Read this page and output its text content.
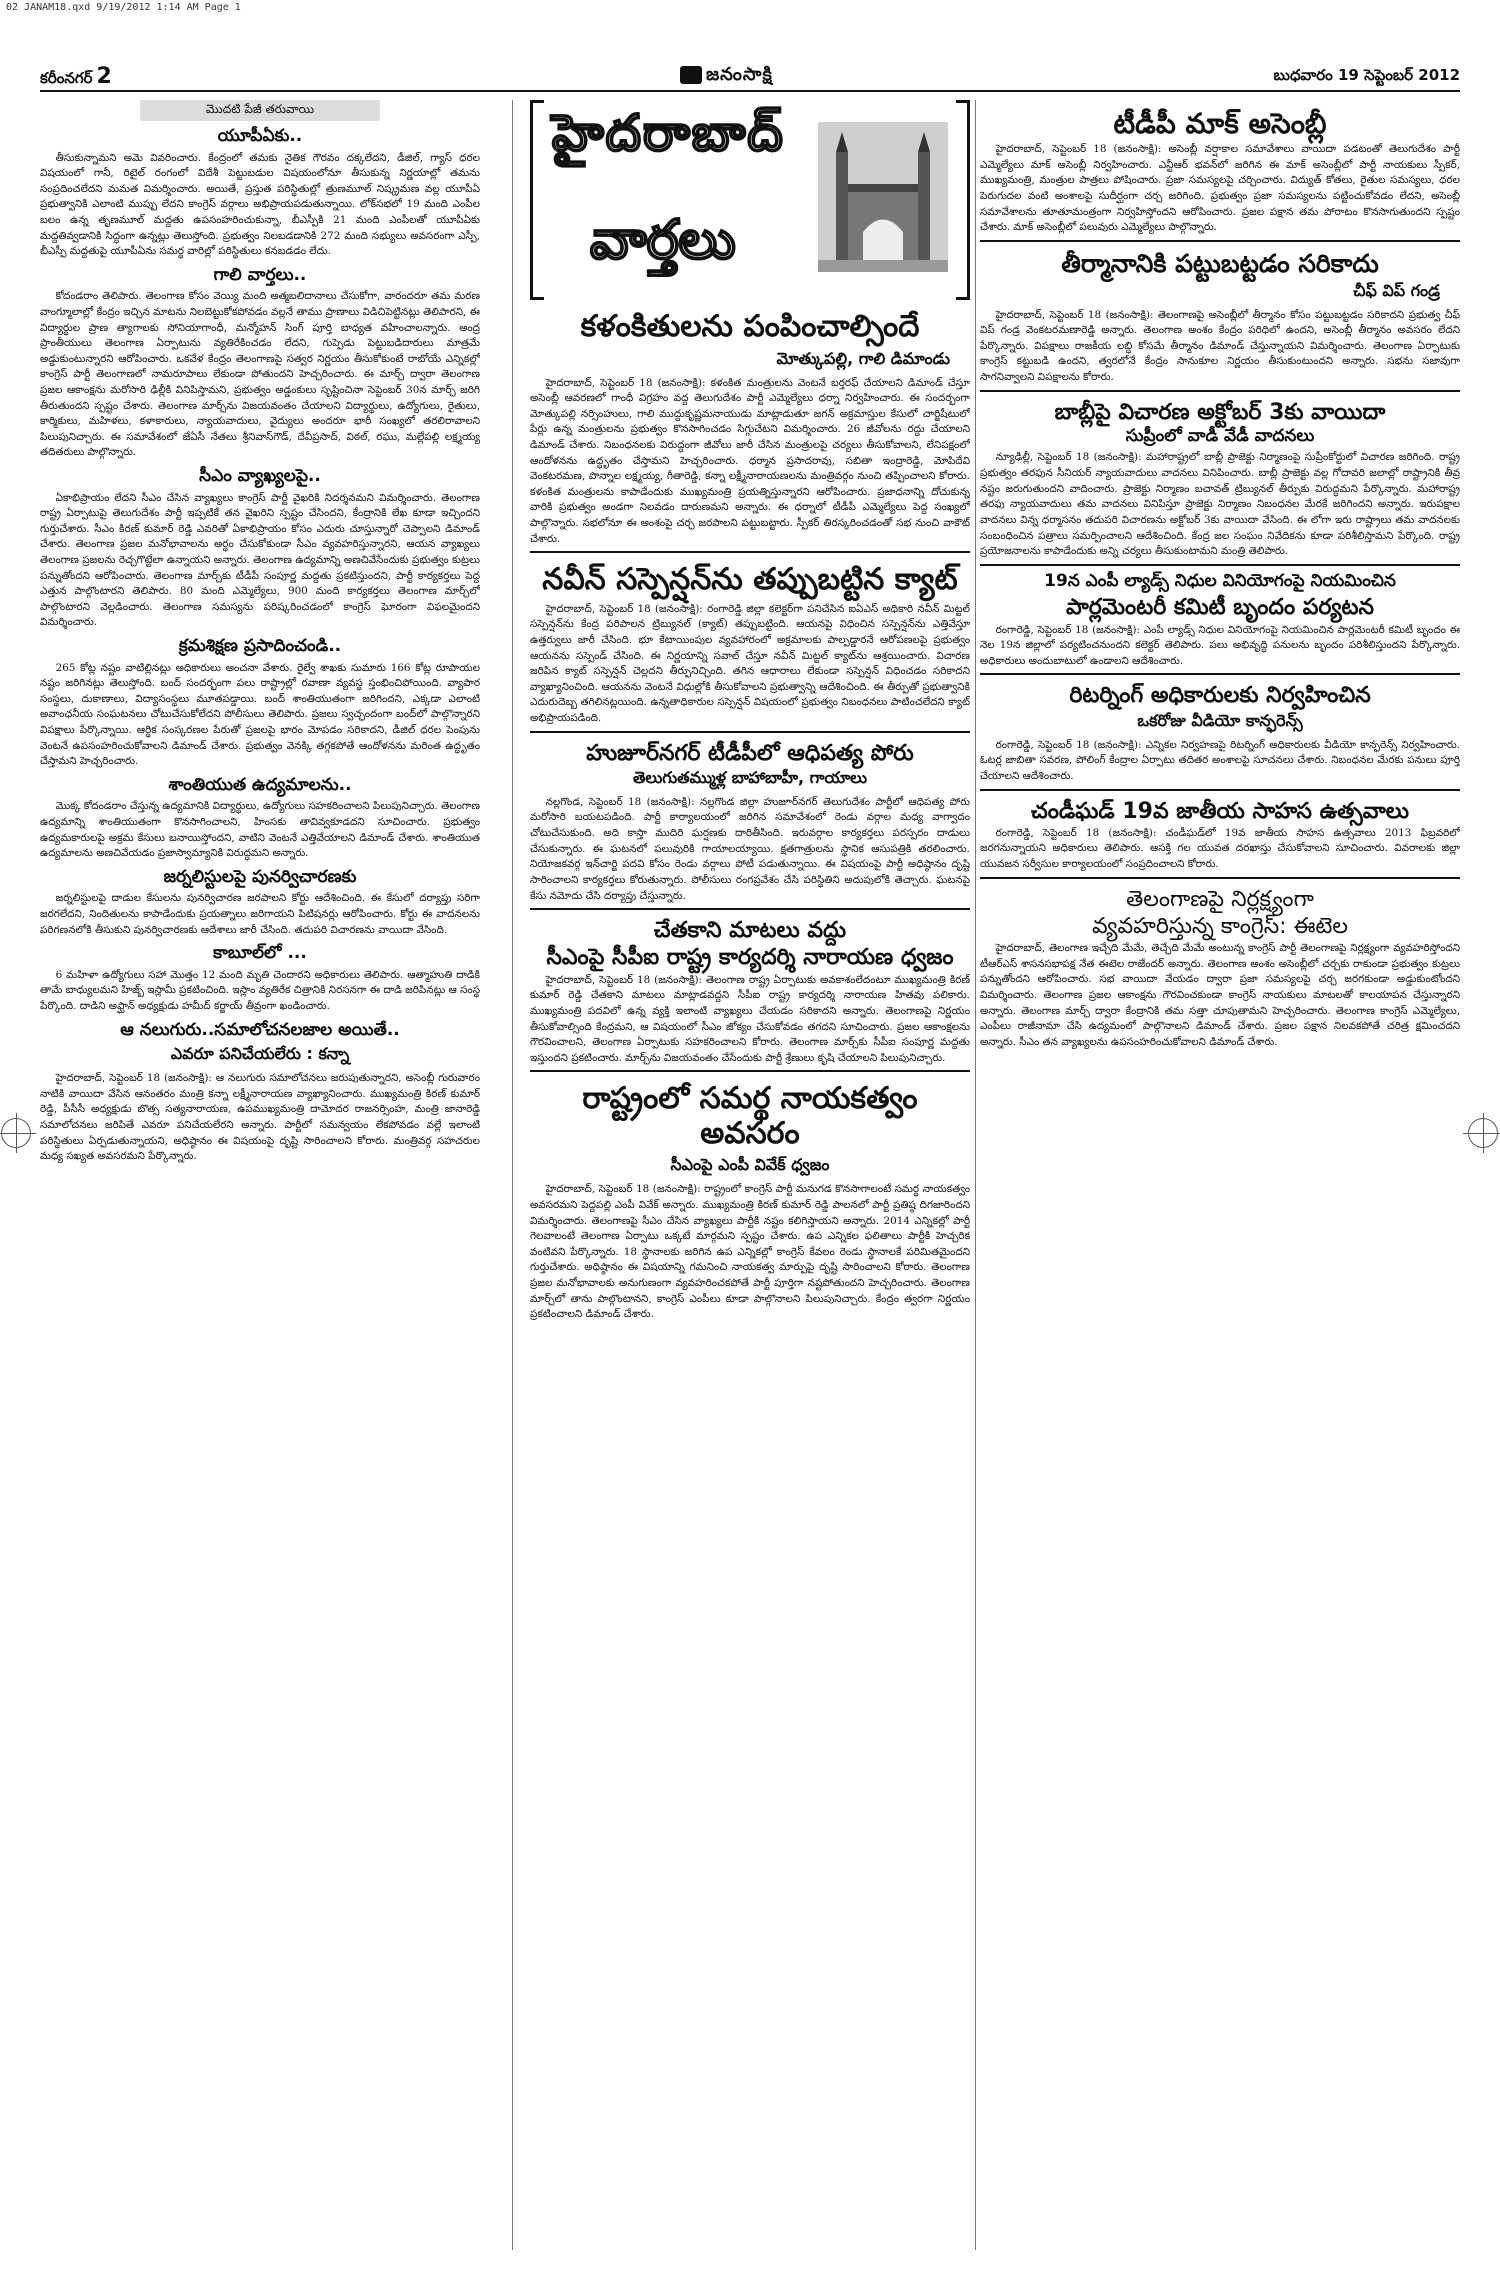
02 JANAM18.qxd 9/19/2012 1:14 AM Page 1
కరీంనగర్ 2	జనంసాక్షి	బుధవారం 19 సెప్టెంబర్ 2012
మొదటి పేజీ తరువాయి
యూపీఏకు..

తీసుకున్నామని అమె వివరించారు. కేంద్రంలో తమకు నైతిక గౌరవం దక్కలేదని, డీజిల్, గ్యాస్ ధరల విషయంలో గానీ, రిటైల్ రంగంలో విదేశీ పెట్టుబడుల విషయంలోనూ తీసుకున్న నిర్ణయాల్లో తమను సంప్రదించలేదని మమత విమర్శించారు. అయితే, ప్రస్తుత పరిస్థితుల్లో త్రుణమూల్‌ నిష్క్రమణ వల్ల యూపీఏ ప్రభుత్వానికి ఎలాంటి ముప్పు లేదని కాంగ్రెస్‌ వర్గాలు అభిప్రాయపడుతున్నాయి. లోక్‌సభలో 19 మంది ఎంపీల బలం ఉన్న తృణమూల్‌ మద్దతు ఉపసంహరించుకున్నా, బీఎస్పీకి 21 మంది ఎంపీలతో యూపీఏకు మద్దతివ్వడానికి సిద్ధంగా ఉన్నట్లు తెలుస్తోంది. ప్రభుత్వం నిలబడడానికి 272 మంది సభ్యులు అవసరంగా ఎస్పీ, బీఎస్పీ మద్దతుపై యూపీఏను సమర్థ వారిల్లో పరిస్థితులు కనబడడం లేదు.

గాలి వార్తలు..

కోదండరాం తెలిపారు. తెలంగాణ కోసం వెయ్యి మంది అత్మబలిదానాలు చేసుకోగా, వారందరూ తమ మరణ వాంగ్మూలాల్లో కేంద్రం ఇచ్చిన మాటను నిలబెట్టుకోకపోవడం వల్లనే తాము ప్రాణాలు విడిచిపెట్టినట్లు తెలిపారని, ఈ విద్యార్థుల ప్రాణ త్యాగాలకు సోనియాగాంధీ, మన్మోహన్‌ సింగ్‌ పూర్తి బాధ్యత వహించాలన్నారు. అంద్ర ప్రాంతీయులు తెలంగాణ ఏర్పాటును వ్యతిరేకించడం లేదని, గుప్పెడు పెట్టుబడిదారులు మాత్రమే అడ్డుకుంటున్నారని ఆరోపించారు. ఒకవేళ కేంద్రం తెలంగాణపై సత్వర నిర్ణయం తీసుకోకుంటే రాబోయే ఎన్నికల్లో కాంగ్రెస్‌ పార్టీ తెలంగాణలో నామరూపాలు లేకుండా పోతుందని హెచ్చరించారు. ఈ మార్చ్‌ ద్వారా తెలంగాణ ప్రజల ఆకాంక్షను మరోసారి ఢిల్లీకి వినిపిస్తామని, ప్రభుత్వం అడ్డంకులు సృష్టించినా సెప్టెంబర్‌ 30న మార్చ్‌ జరిగి తీరుతుందని స్పష్టం చేశారు. తెలంగాణ మార్చ్‌ను విజయవంతం చేయాలని విద్యార్థులు, ఉద్యోగులు, రైతులు, కార్మికులు, మహిళలు, కళాకారులు, న్యాయవాదులు, వైద్యులు అందరూ భారీ సంఖ్యలో తరలిరావాలని పిలుపునిచ్చారు. ఈ సమావేశంలో జేఏసీ నేతలు శ్రీనివాస్‌గౌడ్‌, దేవీప్రసాద్‌, విఠల్‌, రఘు, మల్లేపల్లి లక్ష్మయ్య తదితరులు పాల్గొన్నారు.

సీఎం వ్యాఖ్యలపై..

ఏకాభిప్రాయం లేదని సీఎం చేసిన వ్యాఖ్యలు కాంగ్రెస్‌ పార్టీ వైఖరికి నిదర్శనమని విమర్శించారు. తెలంగాణ రాష్ట్ర ఏర్పాటుపై తెలుగుదేశం పార్టీ ఇప్పటికే తన వైఖరిని స్పష్టం చేసిందని, కేంద్రానికి లేఖ కూడా ఇచ్చిందని గుర్తుచేశారు. సీఎం కిరణ్‌ కుమార్‌ రెడ్డి ఎవరితో ఏకాభిప్రాయం కోసం ఎదురు చూస్తున్నారో చెప్పాలని డిమాండ్‌ చేశారు. తెలంగాణ ప్రజల మనోభావాలను అర్థం చేసుకోకుండా సీఎం వ్యవహరిస్తున్నారని, ఆయన వ్యాఖ్యలు తెలంగాణ ప్రజలను రెచ్చగొట్టేలా ఉన్నాయని అన్నారు. తెలంగాణ ఉద్యమాన్ని అణచివేసేందుకు ప్రభుత్వం కుట్రలు పన్నుతోందని ఆరోపించారు. తెలంగాణ మార్చ్‌కు టీడీపీ సంపూర్ణ మద్దతు ప్రకటిస్తుందని, పార్టీ కార్యకర్తలు పెద్ద ఎత్తున పాల్గొంటారని తెలిపారు. 80 మంది ఎమ్మెల్యేలు, 900 మంది కార్యకర్తలు తెలంగాణ మార్చ్‌లో పాల్గొంటారని వెల్లడించారు. తెలంగాణ సమస్యను పరిష్కరించడంలో కాంగ్రెస్‌ ఘోరంగా విఫలమైందని విమర్శించారు.

క్రమశిక్షణ ప్రసాదించండి..

265 కోట్ల నష్టం వాటిల్లినట్లు అధికారులు అంచనా వేశారు. రైల్వే శాఖకు సుమారు 166 కోట్ల రూపాయల నష్టం జరిగినట్లు తెలుస్తోంది. బంద్‌ సందర్భంగా పలు రాష్ట్రాల్లో రవాణా వ్యవస్థ స్తంభించిపోయింది. వ్యాపార సంస్థలు, దుకాణాలు, విద్యాసంస్థలు మూతపడ్డాయి. బంద్‌ శాంతియుతంగా జరిగిందని, ఎక్కడా ఎలాంటి అవాంఛనీయ సంఘటనలు చోటుచేసుకోలేదని పోలీసులు తెలిపారు. ప్రజలు స్వచ్ఛందంగా బంద్‌లో పాల్గొన్నారని విపక్షాలు పేర్కొన్నాయి. ఆర్థిక సంస్కరణల పేరుతో ప్రజలపై భారం మోపడం సరికాదని, డీజిల్‌ ధరల పెంపును వెంటనే ఉపసంహరించుకోవాలని డిమాండ్‌ చేశారు. ప్రభుత్వం వెనక్కి తగ్గకపోతే ఆందోళనను మరింత ఉద్ధృతం చేస్తామని హెచ్చరించారు.

శాంతియుత ఉద్యమాలను..

మొక్క కోదండరాం చేస్తున్న ఉద్యమానికి విద్యార్థులు, ఉద్యోగులు సహకరించాలని పిలుపునిచ్చారు. తెలంగాణ ఉద్యమాన్ని శాంతియుతంగా కొనసాగించాలని, హింసకు తావివ్వకూడదని సూచించారు. ప్రభుత్వం ఉద్యమకారులపై అక్రమ కేసులు బనాయిస్తోందని, వాటిని వెంటనే ఎత్తివేయాలని డిమాండ్‌ చేశారు. శాంతియుత ఉద్యమాలను అణచివేయడం ప్రజాస్వామ్యానికి విరుద్ధమని అన్నారు.

జర్నలిస్టులపై పునర్విచారణకు

జర్నలిస్టులపై దాడుల కేసులను పునర్విచారణ జరపాలని కోర్టు ఆదేశించింది. ఈ కేసులో దర్యాప్తు సరిగా జరగలేదని, నిందితులను కాపాడేందుకు ప్రయత్నాలు జరిగాయని పిటిషనర్లు ఆరోపించారు. కోర్టు ఈ వాదనలను పరిగణనలోకి తీసుకుని పునర్విచారణకు ఆదేశాలు జారీ చేసింది. తదుపరి విచారణను వాయిదా వేసింది.

కాబూల్‌లో ...

6 మహిళా ఉద్యోగులు సహా మొత్తం 12 మంది మృతి చెందారని అధికారులు తెలిపారు. ఆత్మాహుతి దాడికి తామే బాధ్యులమని హిజ్బ్‌ ఇస్లామీ ప్రకటించింది. ఇస్లాం వ్యతిరేక చిత్రానికి నిరసనగా ఈ దాడి జరిపినట్లు ఆ సంస్థ పేర్కొంది. దాడిని అఫ్ఘాన్‌ అధ్యక్షుడు హమీద్‌ కర్జాయ్‌ తీవ్రంగా ఖండించారు.

ఆ నలుగురు..సమాలోచనలజాల అయితే..
ఎవరూ పనిచేయలేరు : కన్నా

హైదరాబాద్‌, సెప్టెంబర్‌ 18 (జనంసాక్షి): ఆ నలుగురు సమాలోచనలు జరుపుతున్నారని, అసెంబ్లీ గురువారం నాటికి వాయిదా వేసిన ఆనంతరం మంత్రి కన్నా లక్ష్మీనారాయణ వ్యాఖ్యానించారు. ముఖ్యమంత్రి కిరణ్‌ కుమార్‌ రెడ్డి, పీసీసీ అధ్యక్షుడు బొత్స సత్యనారాయణ, ఉపముఖ్యమంత్రి దామోదర రాజనర్సింహ, మంత్రి జానారెడ్డి సమాలోచనలు జరిపితే ఎవరూ పనిచేయలేరని అన్నారు. పార్టీలో సమన్వయం లేకపోవడం వల్లే ఇలాంటి పరిస్థితులు ఏర్పడుతున్నాయని, అధిష్ఠానం ఈ విషయంపై దృష్టి సారించాలని కోరారు. మంత్రివర్గ సహచరుల మధ్య సఖ్యత అవసరమని పేర్కొన్నారు.

హైదరాబాద్
వార్తలు
కళంకితులను పంపించాల్సిందే
మోత్కుపల్లి, గాలి డిమాండు

హైదరాబాద్‌, సెప్టెంబర్‌ 18 (జనంసాక్షి): కళంకిత మంత్రులను వెంటనే బర్తరఫ్‌ చేయాలని డిమాండ్‌ చేస్తూ అసెంబ్లీ ఆవరణలో గాంధీ విగ్రహం వద్ద తెలుగుదేశం పార్టీ ఎమ్మెల్యేలు ధర్నా నిర్వహించారు. ఈ సందర్భంగా మోత్కుపల్లి నర్సింహులు, గాలి ముద్దుకృష్ణమనాయుడు మాట్లాడుతూ జగన్‌ అక్రమాస్తుల కేసులో చార్జిషీటులో పేర్లు ఉన్న మంత్రులను ప్రభుత్వం కొనసాగించడం సిగ్గుచేటని విమర్శించారు. 26 జీవోలను రద్దు చేయాలని డిమాండ్‌ చేశారు. నిబంధనలకు విరుద్ధంగా జీవోలు జారీ చేసిన మంత్రులపై చర్యలు తీసుకోవాలని, లేనిపక్షంలో ఆందోళనను ఉద్ధృతం చేస్తామని హెచ్చరించారు. ధర్మాన ప్రసాదరావు, సబితా ఇంద్రారెడ్డి, మోపిదేవి వెంకటరమణ, పొన్నాల లక్ష్మయ్య, గీతారెడ్డి, కన్నా లక్ష్మీనారాయణలను మంత్రివర్గం నుంచి తప్పించాలని కోరారు. కళంకిత మంత్రులను కాపాడేందుకు ముఖ్యమంత్రి ప్రయత్నిస్తున్నారని ఆరోపించారు. ప్రజాధనాన్ని దోచుకున్న వారికి ప్రభుత్వం అండగా నిలవడం దారుణమని అన్నారు. ఈ ధర్నాలో టీడీపీ ఎమ్మెల్యేలు పెద్ద సంఖ్యలో పాల్గొన్నారు. సభలోనూ ఈ అంశంపై చర్చ జరపాలని పట్టుబట్టారు. స్పీకర్‌ తిరస్కరించడంతో సభ నుంచి వాకౌట్‌ చేశారు.

నవీన్‌ సస్పెన్షన్‌ను తప్పుబట్టిన క్యాట్‌

హైదరాబాద్‌, సెప్టెంబర్‌ 18 (జనంసాక్షి): రంగారెడ్డి జిల్లా కలెక్టర్‌గా పనిచేసిన ఐఏఎస్‌ అధికారి నవీన్‌ మిట్టల్‌ సస్పెన్షన్‌ను కేంద్ర పరిపాలన ట్రిబ్యునల్‌ (క్యాట్‌) తప్పుబట్టింది. ఆయనపై విధించిన సస్పెన్షన్‌ను ఎత్తివేస్తూ ఉత్తర్వులు జారీ చేసింది. భూ కేటాయింపుల వ్యవహారంలో అక్రమాలకు పాల్పడ్డారనే ఆరోపణలపై ప్రభుత్వం ఆయనను సస్పెండ్‌ చేసింది. ఈ నిర్ణయాన్ని సవాల్‌ చేస్తూ నవీన్‌ మిట్టల్‌ క్యాట్‌ను ఆశ్రయించారు. విచారణ జరిపిన క్యాట్‌ సస్పెన్షన్‌ చెల్లదని తీర్పునిచ్చింది. తగిన ఆధారాలు లేకుండా సస్పెన్షన్‌ విధించడం సరికాదని వ్యాఖ్యానించింది. ఆయనను వెంటనే విధుల్లోకి తీసుకోవాలని ప్రభుత్వాన్ని ఆదేశించింది. ఈ తీర్పుతో ప్రభుత్వానికి ఎదురుదెబ్బ తగిలినట్లయింది. ఉన్నతాధికారుల సస్పెన్షన్‌ విషయంలో ప్రభుత్వం నిబంధనలు పాటించలేదని క్యాట్‌ అభిప్రాయపడింది.

హుజూర్‌నగర్‌ టీడీపీలో ఆధిపత్య పోరు
తెలుగుతమ్ముళ్ల బాహాబాహీ, గాయాలు

నల్లగొండ, సెప్టెంబర్‌ 18 (జనంసాక్షి): నల్లగొండ జిల్లా హుజూర్‌నగర్‌ తెలుగుదేశం పార్టీలో ఆధిపత్య పోరు మరోసారి బయటపడింది. పార్టీ కార్యాలయంలో జరిగిన సమావేశంలో రెండు వర్గాల మధ్య వాగ్వాదం చోటుచేసుకుంది. అది కాస్తా ముదిరి ఘర్షణకు దారితీసింది. ఇరువర్గాల కార్యకర్తలు పరస్పరం దాడులు చేసుకున్నారు. ఈ ఘటనలో పలువురికి గాయాలయ్యాయి. క్షతగాత్రులను స్థానిక ఆసుపత్రికి తరలించారు. నియోజకవర్గ ఇన్‌చార్జి పదవి కోసం రెండు వర్గాలు పోటీ పడుతున్నాయి. ఈ విషయంపై పార్టీ అధిష్ఠానం దృష్టి సారించాలని కార్యకర్తలు కోరుతున్నారు. పోలీసులు రంగప్రవేశం చేసి పరిస్థితిని అదుపులోకి తెచ్చారు. ఘటనపై కేసు నమోదు చేసి దర్యాప్తు చేస్తున్నారు.

చేతకాని మాటలు వద్దు
సీఎంపై సీపీఐ రాష్ట్ర కార్యదర్శి నారాయణ ధ్వజం

హైదరాబాద్‌, సెప్టెంబర్‌ 18 (జనంసాక్షి): తెలంగాణ రాష్ట్ర ఏర్పాటుకు అవకాశంలేదంటూ ముఖ్యమంత్రి కిరణ్‌ కుమార్‌ రెడ్డి చేతకాని మాటలు మాట్లాడవద్దని సీపీఐ రాష్ట్ర కార్యదర్శి నారాయణ హితవు పలికారు. ముఖ్యమంత్రి పదవిలో ఉన్న వ్యక్తి ఇలాంటి వ్యాఖ్యలు చేయడం సరికాదని అన్నారు. తెలంగాణపై నిర్ణయం తీసుకోవాల్సింది కేంద్రమని, ఆ విషయంలో సీఎం జోక్యం చేసుకోవడం తగదని సూచించారు. ప్రజల ఆకాంక్షలను గౌరవించాలని, తెలంగాణ ఏర్పాటుకు సహకరించాలని కోరారు. తెలంగాణ మార్చ్‌కు సీపీఐ సంపూర్ణ మద్దతు ఇస్తుందని ప్రకటించారు. మార్చ్‌ను విజయవంతం చేసేందుకు పార్టీ శ్రేణులు కృషి చేయాలని పిలుపునిచ్చారు.

రాష్ట్రంలో సమర్థ నాయకత్వం అవసరం
సీఎంపై ఎంపీ వివేక్‌ ధ్వజం

హైదరాబాద్‌, సెప్టెంబర్‌ 18 (జనంసాక్షి): రాష్ట్రంలో కాంగ్రెస్‌ పార్టీ మనుగడ కొనసాగాలంటే సమర్థ నాయకత్వం అవసరమని పెద్దపల్లి ఎంపీ వివేక్‌ అన్నారు. ముఖ్యమంత్రి కిరణ్‌ కుమార్‌ రెడ్డి పాలనలో పార్టీ ప్రతిష్ఠ దిగజారిందని విమర్శించారు. తెలంగాణపై సీఎం చేసిన వ్యాఖ్యలు పార్టీకి నష్టం కలిగిస్తాయని అన్నారు. 2014 ఎన్నికల్లో పార్టీ గెలవాలంటే తెలంగాణ ఏర్పాటు ఒక్కటే మార్గమని స్పష్టం చేశారు. ఉప ఎన్నికల ఫలితాలు పార్టీకి హెచ్చరిక వంటివని పేర్కొన్నారు. 18 స్థానాలకు జరిగిన ఉప ఎన్నికల్లో కాంగ్రెస్‌ కేవలం రెండు స్థానాలకే పరిమితమైందని గుర్తుచేశారు. అధిష్ఠానం ఈ విషయాన్ని గమనించి నాయకత్వ మార్పుపై దృష్టి సారించాలని కోరారు. తెలంగాణ ప్రజల మనోభావాలకు అనుగుణంగా వ్యవహరించకపోతే పార్టీ పూర్తిగా నష్టపోతుందని హెచ్చరించారు. తెలంగాణ మార్చ్‌లో తాను పాల్గొంటానని, కాంగ్రెస్‌ ఎంపీలు కూడా పాల్గొనాలని పిలుపునిచ్చారు. కేంద్రం త్వరగా నిర్ణయం ప్రకటించాలని డిమాండ్‌ చేశారు.

టీడీపీ మాక్‌ అసెంబ్లీ

హైదరాబాద్‌, సెప్టెంబర్‌ 18 (జనంసాక్షి): అసెంబ్లీ వర్షాకాల సమావేశాలు వాయిదా పడటంతో తెలుగుదేశం పార్టీ ఎమ్మెల్యేలు మాక్‌ అసెంబ్లీ నిర్వహించారు. ఎన్టీఆర్‌ భవన్‌లో జరిగిన ఈ మాక్‌ అసెంబ్లీలో పార్టీ నాయకులు స్పీకర్‌, ముఖ్యమంత్రి, మంత్రుల పాత్రలు పోషించారు. ప్రజా సమస్యలపై చర్చించారు. విద్యుత్‌ కోతలు, రైతుల సమస్యలు, ధరల పెరుగుదల వంటి అంశాలపై సుదీర్ఘంగా చర్చ జరిగింది. ప్రభుత్వం ప్రజా సమస్యలను పట్టించుకోవడం లేదని, అసెంబ్లీ సమావేశాలను తూతూమంత్రంగా నిర్వహిస్తోందని ఆరోపించారు. ప్రజల పక్షాన తమ పోరాటం కొనసాగుతుందని స్పష్టం చేశారు. మాక్‌ అసెంబ్లీలో పలువురు ఎమ్మెల్యేలు పాల్గొన్నారు.

తీర్మానానికి పట్టుబట్టడం సరికాదు
చీఫ్‌ విప్‌ గండ్ర

హైదరాబాద్‌, సెప్టెంబర్‌ 18 (జనంసాక్షి): తెలంగాణపై అసెంబ్లీలో తీర్మానం కోసం పట్టుబట్టడం సరికాదని ప్రభుత్వ చీఫ్‌ విప్‌ గండ్ర వెంకటరమణారెడ్డి అన్నారు. తెలంగాణ అంశం కేంద్రం పరిధిలో ఉందని, అసెంబ్లీ తీర్మానం అవసరం లేదని పేర్కొన్నారు. విపక్షాలు రాజకీయ లబ్ధి కోసమే తీర్మానం డిమాండ్‌ చేస్తున్నాయని విమర్శించారు. తెలంగాణ ఏర్పాటుకు కాంగ్రెస్‌ కట్టుబడి ఉందని, త్వరలోనే కేంద్రం సానుకూల నిర్ణయం తీసుకుంటుందని అన్నారు. సభను సజావుగా సాగనివ్వాలని విపక్షాలను కోరారు.

బాబ్లీపై విచారణ అక్టోబర్‌ 3కు వాయిదా
సుప్రీంలో వాడీ వేడీ వాదనలు

న్యూఢిల్లీ, సెప్టెంబర్‌ 18 (జనంసాక్షి): మహారాష్ట్రలో బాబ్లీ ప్రాజెక్టు నిర్మాణంపై సుప్రీంకోర్టులో విచారణ జరిగింది. రాష్ట్ర ప్రభుత్వం తరఫున సీనియర్‌ న్యాయవాదులు వాదనలు వినిపించారు. బాబ్లీ ప్రాజెక్టు వల్ల గోదావరి జలాల్లో రాష్ట్రానికి తీవ్ర నష్టం జరుగుతుందని వాదించారు. ప్రాజెక్టు నిర్మాణం బచావత్‌ ట్రిబ్యునల్‌ తీర్పుకు విరుద్ధమని పేర్కొన్నారు. మహారాష్ట్ర తరఫు న్యాయవాదులు తమ వాదనలు వినిపిస్తూ ప్రాజెక్టు నిర్మాణం నిబంధనల మేరకే జరిగిందని అన్నారు. ఇరుపక్షాల వాదనలు విన్న ధర్మాసనం తదుపరి విచారణను అక్టోబర్‌ 3కు వాయిదా వేసింది. ఈ లోగా ఇరు రాష్ట్రాలు తమ వాదనలకు సంబంధించిన పత్రాలు సమర్పించాలని ఆదేశించింది. కేంద్ర జల సంఘం నివేదికను కూడా పరిశీలిస్తామని పేర్కొంది. రాష్ట్ర ప్రయోజనాలను కాపాడేందుకు అన్ని చర్యలు తీసుకుంటామని మంత్రి తెలిపారు.

19న ఎంపీ ల్యాడ్స్‌ నిధుల వినియోగంపై నియమించిన
పార్లమెంటరీ కమిటీ బృందం పర్యటన

రంగారెడ్డి, సెప్టెంబర్‌ 18 (జనంసాక్షి): ఎంపీ ల్యాడ్స్‌ నిధుల వినియోగంపై నియమించిన పార్లమెంటరీ కమిటీ బృందం ఈ నెల 19న జిల్లాలో పర్యటించనుందని కలెక్టర్‌ తెలిపారు. పలు అభివృద్ధి పనులను బృందం పరిశీలిస్తుందని పేర్కొన్నారు. అధికారులు అందుబాటులో ఉండాలని ఆదేశించారు.

రిటర్నింగ్‌ అధికారులకు నిర్వహించిన
ఒకరోజు వీడియో కాన్ఫరెన్స్‌

రంగారెడ్డి, సెప్టెంబర్‌ 18 (జనంసాక్షి): ఎన్నికల నిర్వహణపై రిటర్నింగ్‌ అధికారులకు వీడియో కాన్ఫరెన్స్‌ నిర్వహించారు. ఓటర్ల జాబితా సవరణ, పోలింగ్‌ కేంద్రాల ఏర్పాటు తదితర అంశాలపై సూచనలు చేశారు. నిబంధనల మేరకు పనులు పూర్తి చేయాలని ఆదేశించారు.

చండీఘడ్‌ 19వ జాతీయ సాహస ఉత్సవాలు

రంగారెడ్డి, సెప్టెంబర్‌ 18 (జనంసాక్షి): చండీఘడ్‌లో 19వ జాతీయ సాహస ఉత్సవాలు 2013 ఫిబ్రవరిలో జరగనున్నాయని అధికారులు తెలిపారు. ఆసక్తి గల యువత దరఖాస్తు చేసుకోవాలని సూచించారు. వివరాలకు జిల్లా యువజన సర్వీసుల కార్యాలయంలో సంప్రదించాలని కోరారు.

తెలంగాణపై నిర్లక్ష్యంగా
వ్యవహరిస్తున్న కాంగ్రెస్‌: ఈటెల

హైదరాబాద్‌, తెలంగాణ ఇచ్చేది మేమే, తెచ్చేది మేమే అంటున్న కాంగ్రెస్‌ పార్టీ తెలంగాణపై నిర్లక్ష్యంగా వ్యవహరిస్తోందని టీఆర్‌ఎస్‌ శాసనసభాపక్ష నేత ఈటెల రాజేందర్‌ అన్నారు. తెలంగాణ అంశం అసెంబ్లీలో చర్చకు రాకుండా ప్రభుత్వం కుట్రలు పన్నుతోందని ఆరోపించారు. సభ వాయిదా వేయడం ద్వారా ప్రజా సమస్యలపై చర్చ జరగకుండా అడ్డుకుంటోందని విమర్శించారు. తెలంగాణ ప్రజల ఆకాంక్షను గౌరవించకుండా కాంగ్రెస్‌ నాయకులు మాటలతో కాలయాపన చేస్తున్నారని అన్నారు. తెలంగాణ మార్చ్‌ ద్వారా కేంద్రానికి తమ సత్తా చూపుతామని హెచ్చరించారు. తెలంగాణ కాంగ్రెస్‌ ఎమ్మెల్యేలు, ఎంపీలు రాజీనామా చేసి ఉద్యమంలో పాల్గొనాలని డిమాండ్‌ చేశారు. ప్రజల పక్షాన నిలవకపోతే చరిత్ర క్షమించదని అన్నారు. సీఎం తన వ్యాఖ్యలను ఉపసంహరించుకోవాలని డిమాండ్‌ చేశారు.
